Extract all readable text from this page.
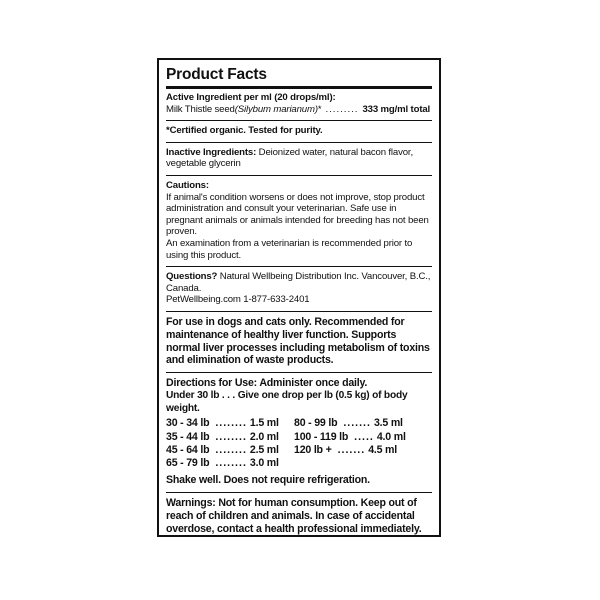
Product Facts
Active Ingredient per ml (20 drops/ml):
Milk Thistle seed (Silybum marianum) * ......... 333 mg/ml total
*Certified organic. Tested for purity.
Inactive Ingredients: Deionized water, natural bacon flavor, vegetable glycerin
Cautions:
If animal's condition worsens or does not improve, stop product administration and consult your veterinarian. Safe use in pregnant animals or animals intended for breeding has not been proven.
An examination from a veterinarian is recommended prior to using this product.
Questions? Natural Wellbeing Distribution Inc. Vancouver, B.C., Canada.
PetWellbeing.com 1-877-633-2401
For use in dogs and cats only. Recommended for maintenance of healthy liver function. Supports normal liver processes including metabolism of toxins and elimination of waste products.
Directions for Use: Administer once daily.
Under 30 lb . . . Give one drop per lb (0.5 kg) of body weight.
30 - 34 lb ........ 1.5 ml 80 - 99 lb ....... 3.5 ml
35 - 44 lb ........ 2.0 ml 100 - 119 lb ..... 4.0 ml
45 - 64 lb ........ 2.5 ml 120 lb + ....... 4.5 ml
65 - 79 lb ........ 3.0 ml
Shake well. Does not require refrigeration.
Warnings: Not for human consumption. Keep out of reach of children and animals. In case of accidental overdose, contact a health professional immediately.
